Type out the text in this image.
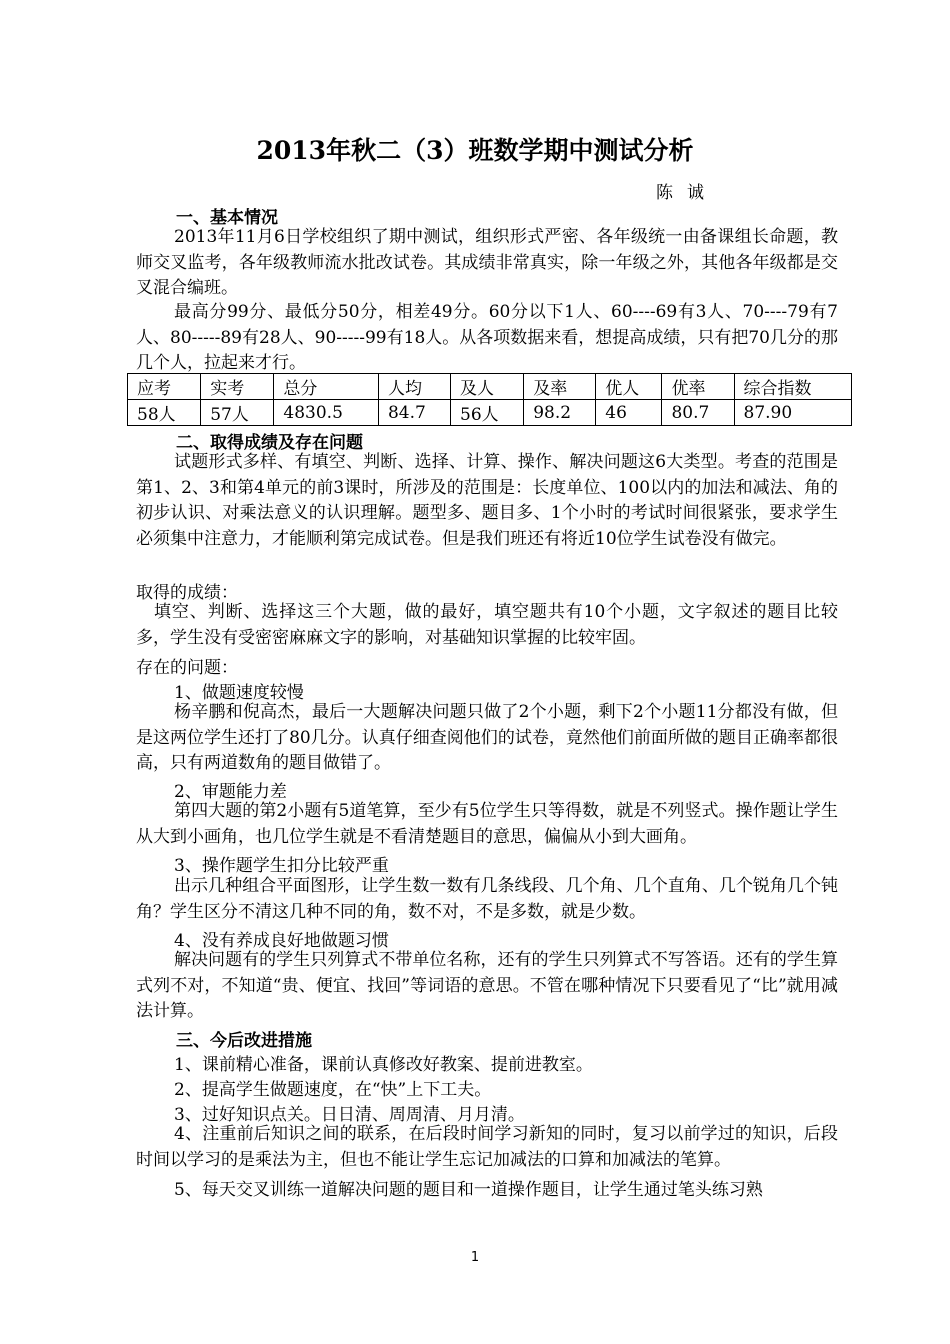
2013年秋二（3）班数学期中测试分析
陈诚
一、基本情况
2013年11月6日学校组织了期中测试，组织形式严密、各年级统一由备课组长命题，教师交叉监考，各年级教师流水批改试卷。其成绩非常真实，除一年级之外，其他各年级都是交叉混合编班。
最高分99分、最低分50分，相差49分。60分以下1人、60----69有3人、70----79有7人、80-----89有28人、90-----99有18人。从各项数据来看，想提高成绩，只有把70几分的那几个人，拉起来才行。
应考	实考	总分	人均	及人	及率	优人	优率	综合指数
58人	57人	4830.5	84.7	56人	98.2	46	80.7	87.90
二、取得成绩及存在问题
试题形式多样、有填空、判断、选择、计算、操作、解决问题这6大类型。考查的范围是第1、2、3和第4单元的前3课时，所涉及的范围是：长度单位、100以内的加法和减法、角的初步认识、对乘法意义的认识理解。题型多、题目多、1个小时的考试时间很紧张，要求学生必须集中注意力，才能顺利第完成试卷。但是我们班还有将近10位学生试卷没有做完。
取得的成绩：
填空、判断、选择这三个大题，做的最好，填空题共有10个小题，文字叙述的题目比较多，学生没有受密密麻麻文字的影响，对基础知识掌握的比较牢固。
存在的问题：
1、做题速度较慢
杨辛鹏和倪高杰，最后一大题解决问题只做了2个小题，剩下2个小题11分都没有做，但是这两位学生还打了80几分。认真仔细查阅他们的试卷，竟然他们前面所做的题目正确率都很高，只有两道数角的题目做错了。
2、审题能力差
第四大题的第2小题有5道笔算，至少有5位学生只等得数，就是不列竖式。操作题让学生从大到小画角，也几位学生就是不看清楚题目的意思，偏偏从小到大画角。
3、操作题学生扣分比较严重
出示几种组合平面图形，让学生数一数有几条线段、几个角、几个直角、几个锐角几个钝角？学生区分不清这几种不同的角，数不对，不是多数，就是少数。
4、没有养成良好地做题习惯
解决问题有的学生只列算式不带单位名称，还有的学生只列算式不写答语。还有的学生算式列不对，不知道“贵、便宜、找回”等词语的意思。不管在哪种情况下只要看见了“比”就用减法计算。
三、今后改进措施
1、课前精心准备，课前认真修改好教案、提前进教室。
2、提高学生做题速度，在“快”上下工夫。
3、过好知识点关。日日清、周周清、月月清。
4、注重前后知识之间的联系，在后段时间学习新知的同时，复习以前学过的知识，后段时间以学习的是乘法为主，但也不能让学生忘记加减法的口算和加减法的笔算。
5、每天交叉训练一道解决问题的题目和一道操作题目，让学生通过笔头练习熟
1
